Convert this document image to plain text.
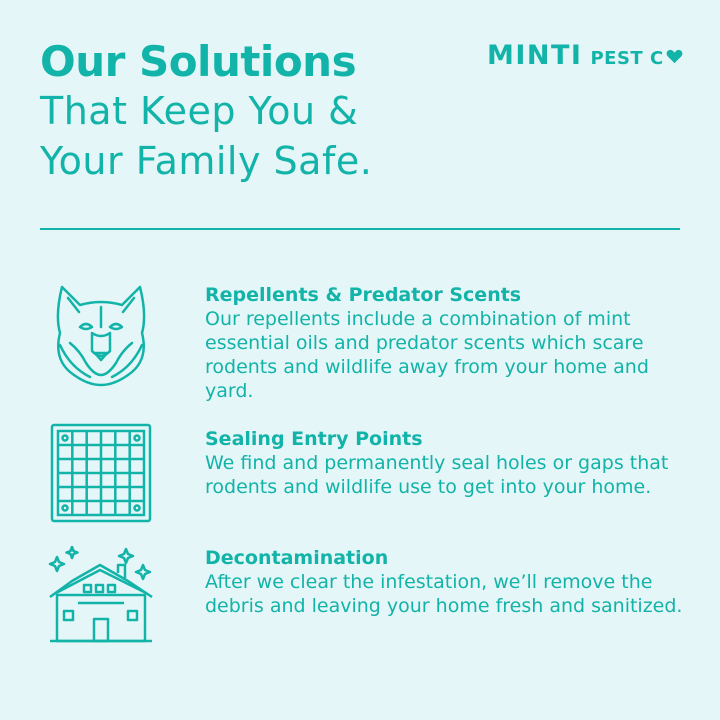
Our Solutions
That Keep You &
Your Family Safe.
MINTI PEST C

Repellents & Predator Scents

Our repellents include a combination of mint essential oils and predator scents which scare rodents and wildlife away from your home and yard.

Sealing Entry Points

We find and permanently seal holes or gaps that rodents and wildlife use to get into your home.

Decontamination

After we clear the infestation, we’ll remove the debris and leaving your home fresh and sanitized.
